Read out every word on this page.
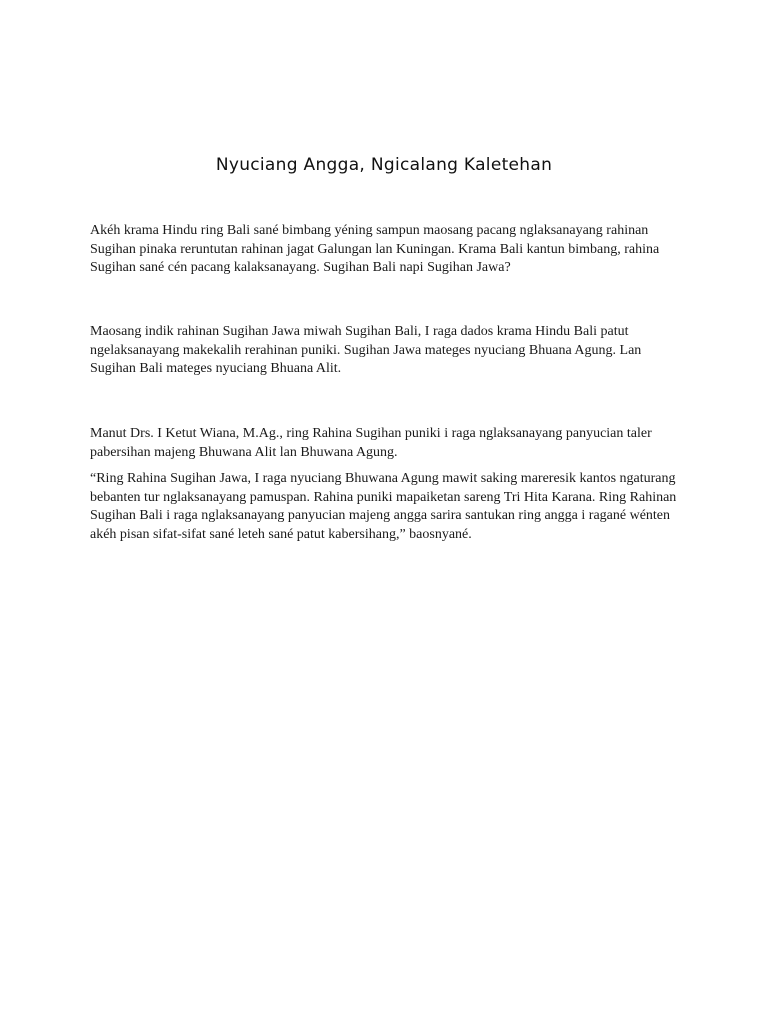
Nyuciang Angga, Ngicalang Kaletehan

Akéh krama Hindu ring Bali sané bimbang yéning sampun maosang pacang nglaksanayang rahinan Sugihan pinaka reruntutan rahinan jagat Galungan lan Kuningan. Krama Bali kantun bimbang, rahina Sugihan sané cén pacang kalaksanayang. Sugihan Bali napi Sugihan Jawa?

Maosang indik rahinan Sugihan Jawa miwah Sugihan Bali, I raga dados krama Hindu Bali patut ngelaksanayang makekalih rerahinan puniki. Sugihan Jawa mateges nyuciang Bhuana Agung. Lan Sugihan Bali mateges nyuciang Bhuana Alit.

Manut Drs. I Ketut Wiana, M.Ag., ring Rahina Sugihan puniki i raga nglaksanayang panyucian taler pabersihan majeng Bhuwana Alit lan Bhuwana Agung.

“Ring Rahina Sugihan Jawa, I raga nyuciang Bhuwana Agung mawit saking mareresik kantos ngaturang bebanten tur nglaksanayang pamuspan. Rahina puniki mapaiketan sareng Tri Hita Karana. Ring Rahinan Sugihan Bali i raga nglaksanayang panyucian majeng angga sarira santukan ring angga i ragané wénten akéh pisan sifat-sifat sané leteh sané patut kabersihang,” baosnyané.
